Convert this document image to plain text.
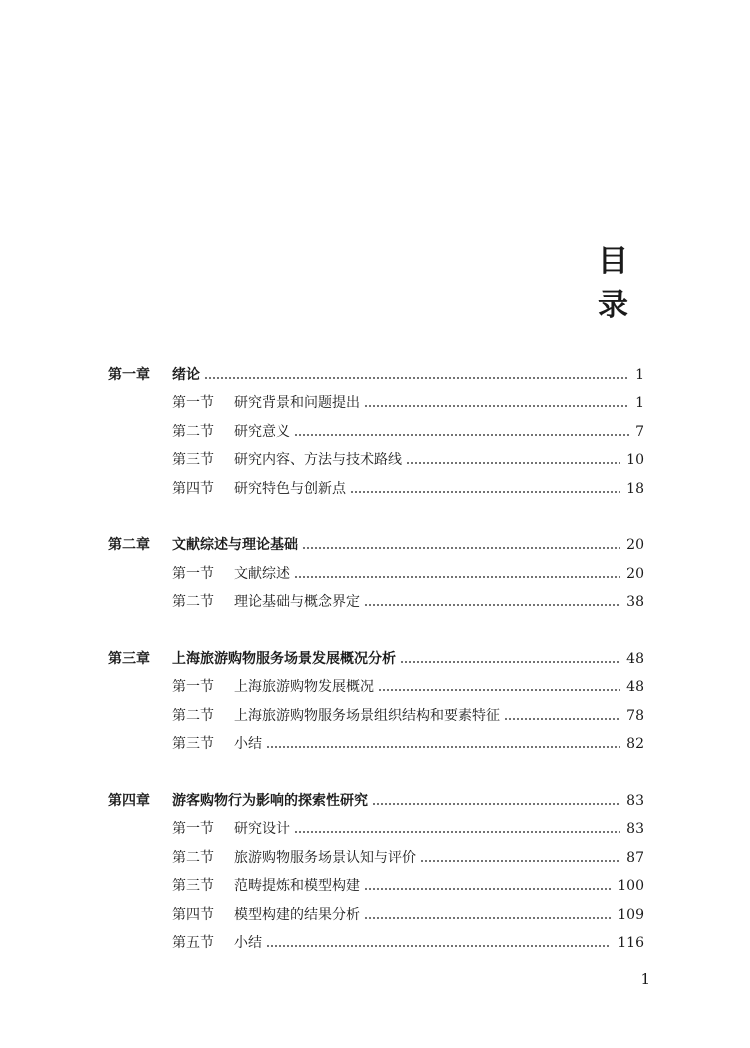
目 录
第一章 绪论	1
第一节 研究背景和问题提出	1
第二节 研究意义	7
第三节 研究内容、方法与技术路线	10
第四节 研究特色与创新点	18
第二章 文献综述与理论基础	20
第一节 文献综述	20
第二节 理论基础与概念界定	38
第三章 上海旅游购物服务场景发展概况分析	48
第一节 上海旅游购物发展概况	48
第二节 上海旅游购物服务场景组织结构和要素特征	78
第三节 小结	82
第四章 游客购物行为影响的探索性研究	83
第一节 研究设计	83
第二节 旅游购物服务场景认知与评价	87
第三节 范畴提炼和模型构建	100
第四节 模型构建的结果分析	109
第五节 小结	116
1
